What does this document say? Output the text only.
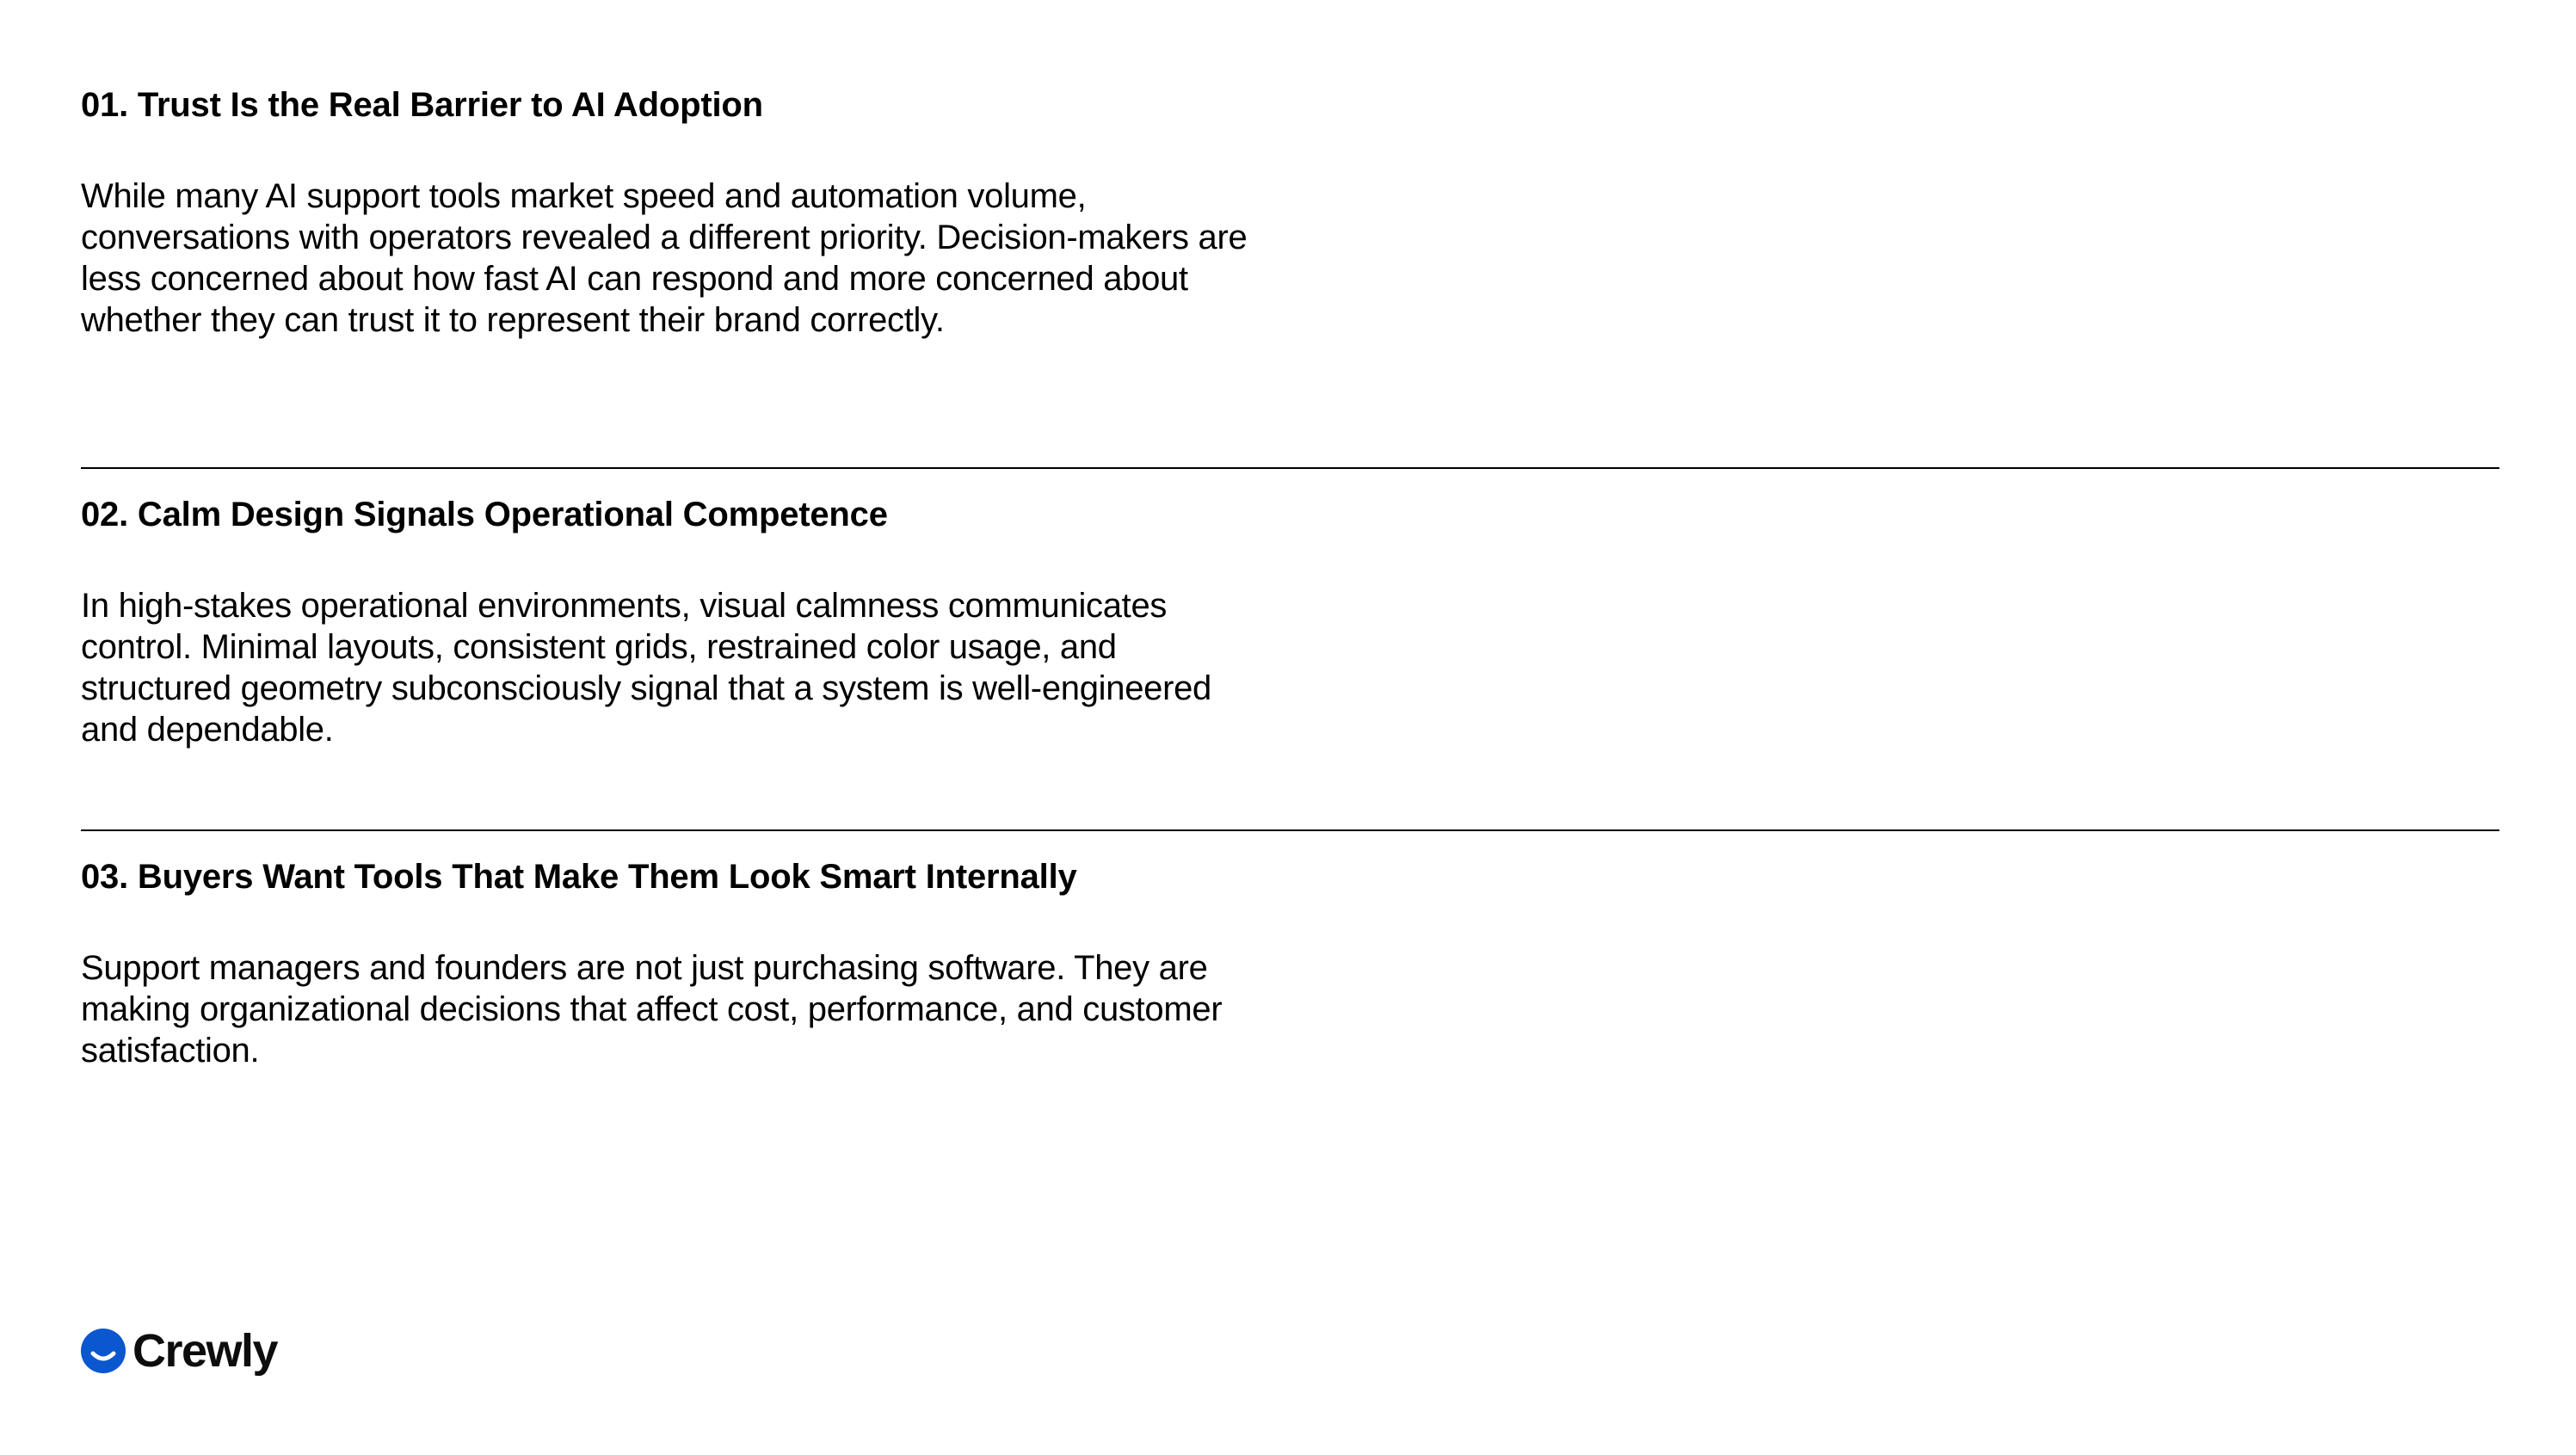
01. Trust Is the Real Barrier to AI Adoption

While many AI support tools market speed and automation volume, conversations with operators revealed a different priority. Decision-makers are less concerned about how fast AI can respond and more concerned about whether they can trust it to represent their brand correctly.

02. Calm Design Signals Operational Competence

In high-stakes operational environments, visual calmness communicates control. Minimal layouts, consistent grids, restrained color usage, and structured geometry subconsciously signal that a system is well-engineered and dependable.

03. Buyers Want Tools That Make Them Look Smart Internally

Support managers and founders are not just purchasing software. They are making organizational decisions that affect cost, performance, and customer satisfaction.

Crewly
